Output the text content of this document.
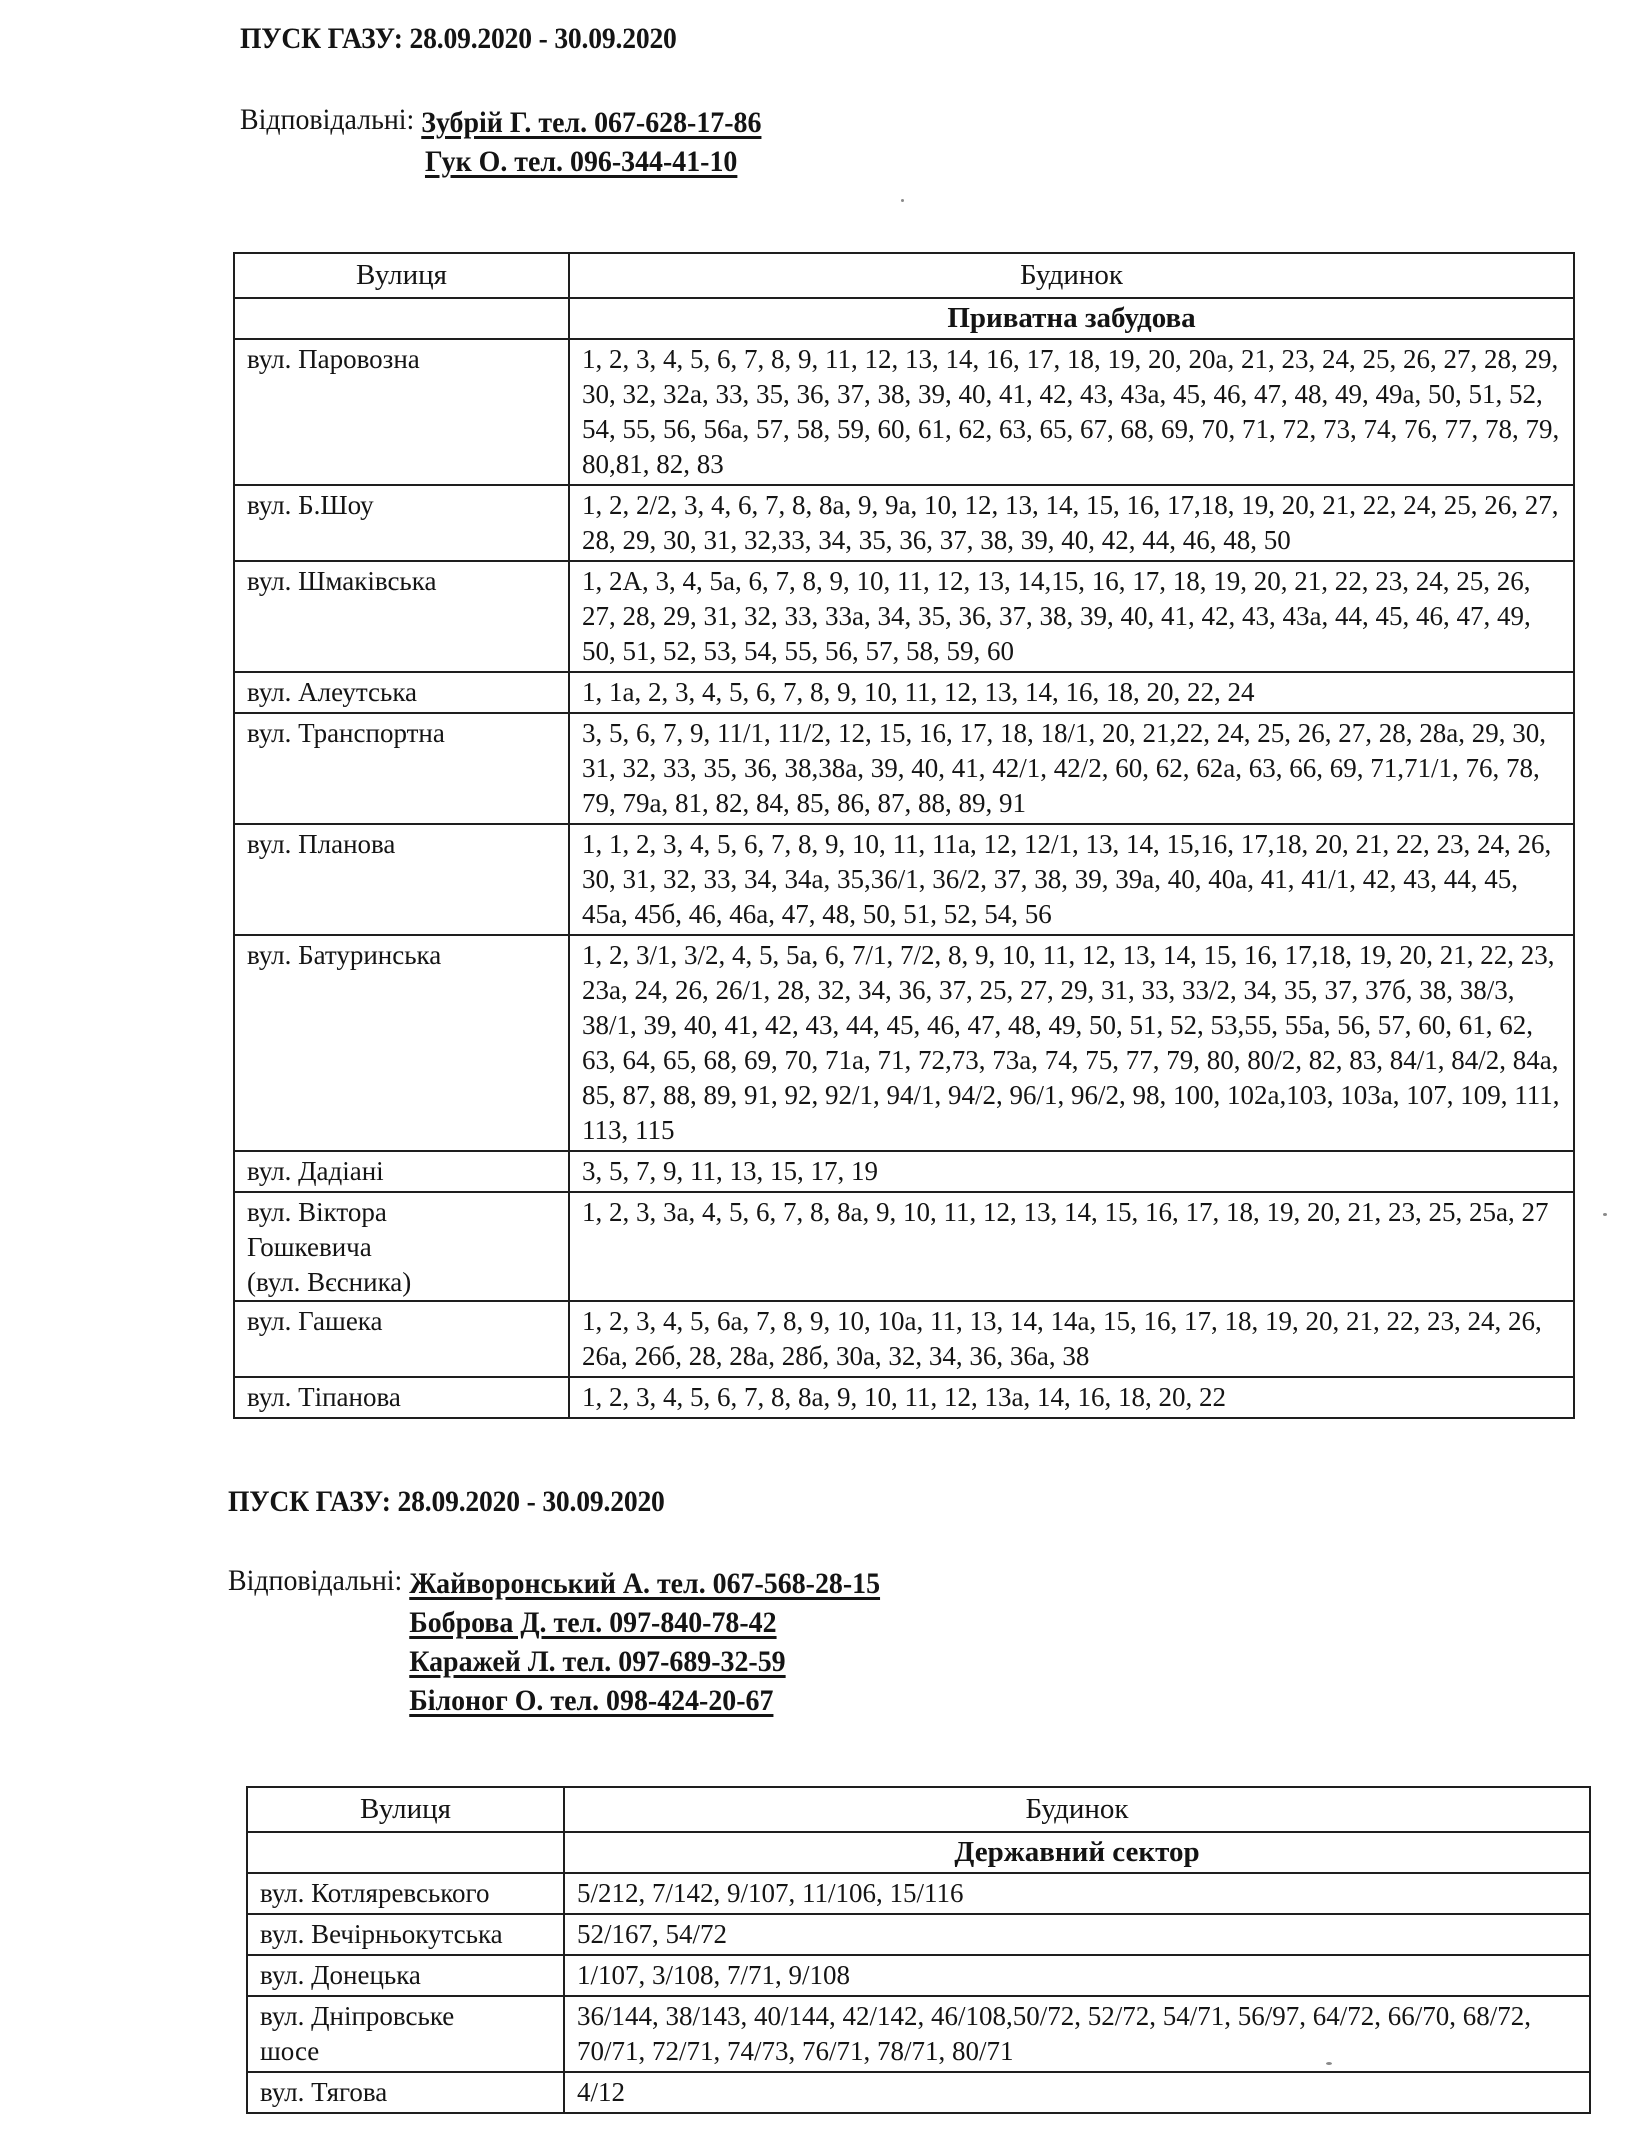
ПУСК ГАЗУ: 28.09.2020 - 30.09.2020
Відповідальні: Зубрій Г. тел. 067-628-17-86
Гук О. тел. 096-344-41-10
Вулиця	Будинок
	Приватна забудова
вул. Паровозна	1, 2, 3, 4, 5, 6, 7, 8, 9, 11, 12, 13, 14, 16, 17, 18, 19, 20, 20а, 21, 23, 24, 25, 26, 27, 28, 29, 30, 32, 32а, 33, 35, 36, 37, 38, 39, 40, 41, 42, 43, 43а, 45, 46, 47, 48, 49, 49а, 50, 51, 52, 54, 55, 56, 56а, 57, 58, 59, 60, 61, 62, 63, 65, 67, 68, 69, 70, 71, 72, 73, 74, 76, 77, 78, 79, 80,81, 82, 83
вул. Б.Шоу	1, 2, 2/2, 3, 4, 6, 7, 8, 8а, 9, 9а, 10, 12, 13, 14, 15, 16, 17,18, 19, 20, 21, 22, 24, 25, 26, 27, 28, 29, 30, 31, 32,33, 34, 35, 36, 37, 38, 39, 40, 42, 44, 46, 48, 50
вул. Шмаківська	1, 2А, 3, 4, 5а, 6, 7, 8, 9, 10, 11, 12, 13, 14,15, 16, 17, 18, 19, 20, 21, 22, 23, 24, 25, 26, 27, 28, 29, 31, 32, 33, 33а, 34, 35, 36, 37, 38, 39, 40, 41, 42, 43, 43а, 44, 45, 46, 47, 49, 50, 51, 52, 53, 54, 55, 56, 57, 58, 59, 60
вул. Алеутська	1, 1а, 2, 3, 4, 5, 6, 7, 8, 9, 10, 11, 12, 13, 14, 16, 18, 20, 22, 24
вул. Транспортна	3, 5, 6, 7, 9, 11/1, 11/2, 12, 15, 16, 17, 18, 18/1, 20, 21,22, 24, 25, 26, 27, 28, 28а, 29, 30, 31, 32, 33, 35, 36, 38,38а, 39, 40, 41, 42/1, 42/2, 60, 62, 62а, 63, 66, 69, 71,71/1, 76, 78, 79, 79а, 81, 82, 84, 85, 86, 87, 88, 89, 91
вул. Планова	1, 1, 2, 3, 4, 5, 6, 7, 8, 9, 10, 11, 11а, 12, 12/1, 13, 14, 15,16, 17,18, 20, 21, 22, 23, 24, 26, 30, 31, 32, 33, 34, 34а, 35,36/1, 36/2, 37, 38, 39, 39а, 40, 40а, 41, 41/1, 42, 43, 44, 45, 45а, 45б, 46, 46а, 47, 48, 50, 51, 52, 54, 56
вул. Батуринська	1, 2, 3/1, 3/2, 4, 5, 5а, 6, 7/1, 7/2, 8, 9, 10, 11, 12, 13, 14, 15, 16, 17,18, 19, 20, 21, 22, 23, 23а, 24, 26, 26/1, 28, 32, 34, 36, 37, 25, 27, 29, 31, 33, 33/2, 34, 35, 37, 37б, 38, 38/3, 38/1, 39, 40, 41, 42, 43, 44, 45, 46, 47, 48, 49, 50, 51, 52, 53,55, 55а, 56, 57, 60, 61, 62, 63, 64, 65, 68, 69, 70, 71а, 71, 72,73, 73а, 74, 75, 77, 79, 80, 80/2, 82, 83, 84/1, 84/2, 84а, 85, 87, 88, 89, 91, 92, 92/1, 94/1, 94/2, 96/1, 96/2, 98, 100, 102а,103, 103а, 107, 109, 111, 113, 115
вул. Дадіані	3, 5, 7, 9, 11, 13, 15, 17, 19
вул. Віктора
Гошкевича
(вул. Вєсника)	1, 2, 3, 3а, 4, 5, 6, 7, 8, 8а, 9, 10, 11, 12, 13, 14, 15, 16, 17, 18, 19, 20, 21, 23, 25, 25а, 27
вул. Гашека	1, 2, 3, 4, 5, 6а, 7, 8, 9, 10, 10а, 11, 13, 14, 14а, 15, 16, 17, 18, 19, 20, 21, 22, 23, 24, 26, 26а, 26б, 28, 28а, 28б, 30а, 32, 34, 36, 36а, 38
вул. Тіпанова	1, 2, 3, 4, 5, 6, 7, 8, 8а, 9, 10, 11, 12, 13а, 14, 16, 18, 20, 22
ПУСК ГАЗУ: 28.09.2020 - 30.09.2020
Відповідальні: Жайворонський А. тел. 067-568-28-15
Боброва Д. тел. 097-840-78-42
Каражей Л. тел. 097-689-32-59
Білоног О. тел. 098-424-20-67
Вулиця	Будинок
	Державний сектор
вул. Котляревського	5/212, 7/142, 9/107, 11/106, 15/116
вул. Вечірньокутська	52/167, 54/72
вул. Донецька	1/107, 3/108, 7/71, 9/108
вул. Дніпровське
шосе	36/144, 38/143, 40/144, 42/142, 46/108,50/72, 52/72, 54/71, 56/97, 64/72, 66/70, 68/72, 70/71, 72/71, 74/73, 76/71, 78/71, 80/71
вул. Тягова	4/12
